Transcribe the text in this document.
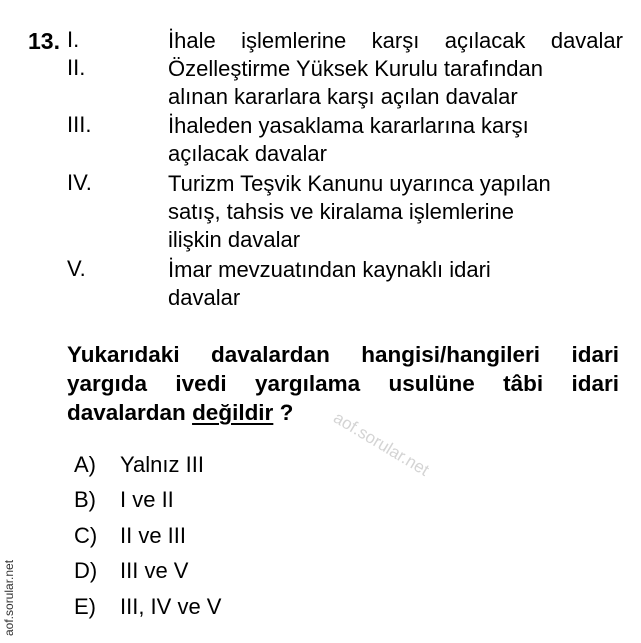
13. I.	İhale işlemlerine karşı açılacak davalar
II.	Özelleştirme Yüksek Kurulu tarafından
alınan kararlara karşı açılan davalar
III.	İhaleden yasaklama kararlarına karşı
açılacak davalar
IV.	Turizm Teşvik Kanunu uyarınca yapılan
satış, tahsis ve kiralama işlemlerine
ilişkin davalar
V.	İmar mevzuatından kaynaklı idari
davalar
Yukarıdaki davalardan hangisi/hangileri idari
yargıda ivedi yargılama usulüne tâbi idari
davalardan değildir ?	aof.sorular.net
A) Yalnız III
B) I ve II
C) II ve III
D) III ve V
E) III, IV ve V
aof.sorular.net
